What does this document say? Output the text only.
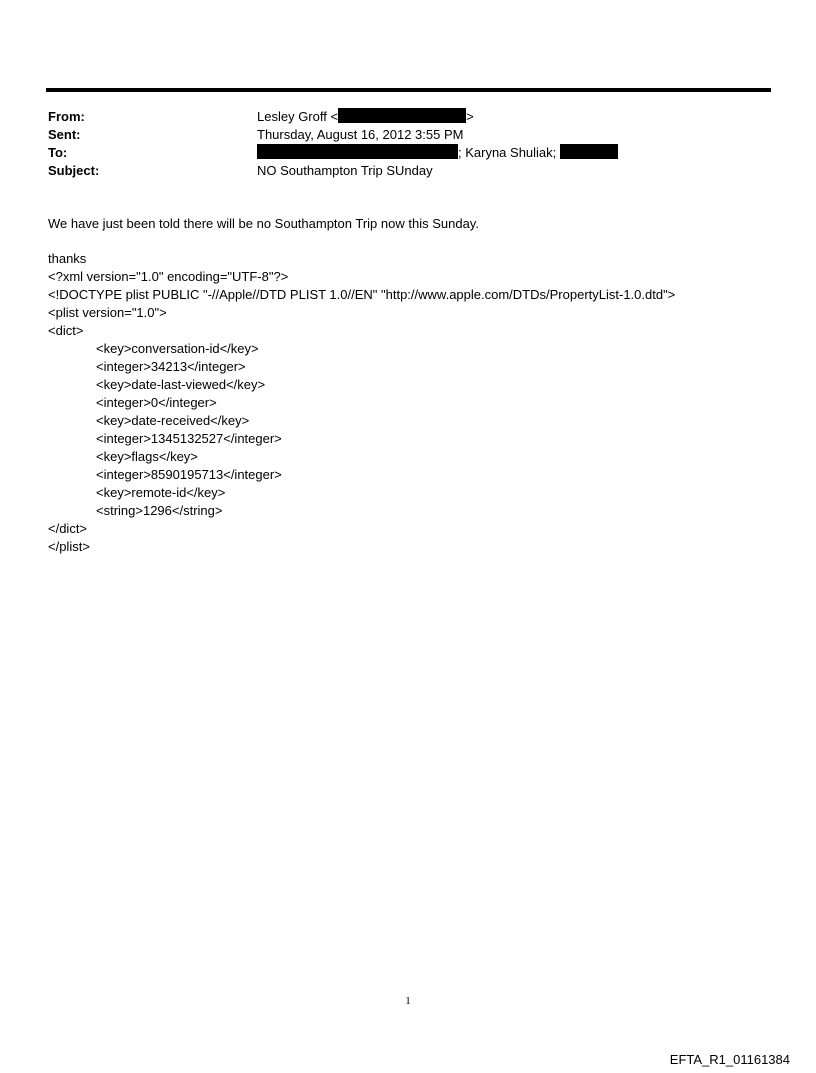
From:	Lesley Groff <	>
Sent:	Thursday, August 16, 2012 3:55 PM
To:	; Karyna Shuliak;
Subject:	NO Southampton Trip SUnday
We have just been told there will be no Southampton Trip now this Sunday.
thanks
<?xml version="1.0" encoding="UTF-8"?>
<!DOCTYPE plist PUBLIC "-//Apple//DTD PLIST 1.0//EN" "http://www.apple.com/DTDs/PropertyList-1.0.dtd">
<plist version="1.0">
<dict>
<key>conversation-id</key>
<integer>34213</integer>
<key>date-last-viewed</key>
<integer>0</integer>
<key>date-received</key>
<integer>1345132527</integer>
<key>flags</key>
<integer>8590195713</integer>
<key>remote-id</key>
<string>1296</string>
</dict>
</plist>
1
EFTA_R1_01161384
